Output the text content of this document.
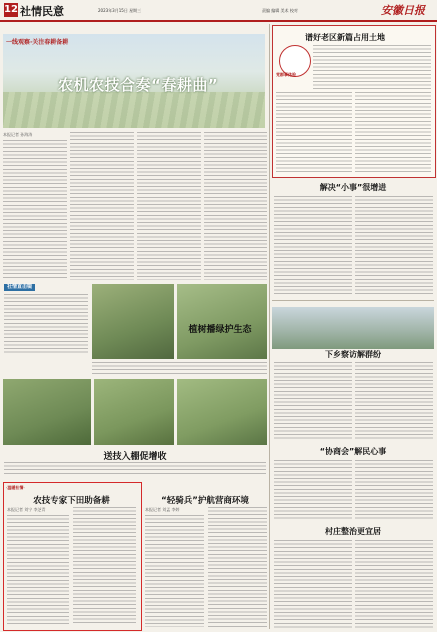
12 社情民意	2023年3月15日 星期三	责编 编辑 美术 校对	安徽日报
一线观察·关注春耕备耕
农机农技合奏“春耕曲”
本报记者 孙海涛
谱好老区新篇占用土地
党群事体验
解决“小事”很增进
下乡察访解群纷
“协商会”解民心事
村庄整治更宜居
社情直击镜
植树播绿护生态
送技入棚促增收
·温暖社情·
农技专家下田助备耕
本报记者 刘宁 李芝青
“轻骑兵”护航营商环境
本报记者 刘孟 李婷
